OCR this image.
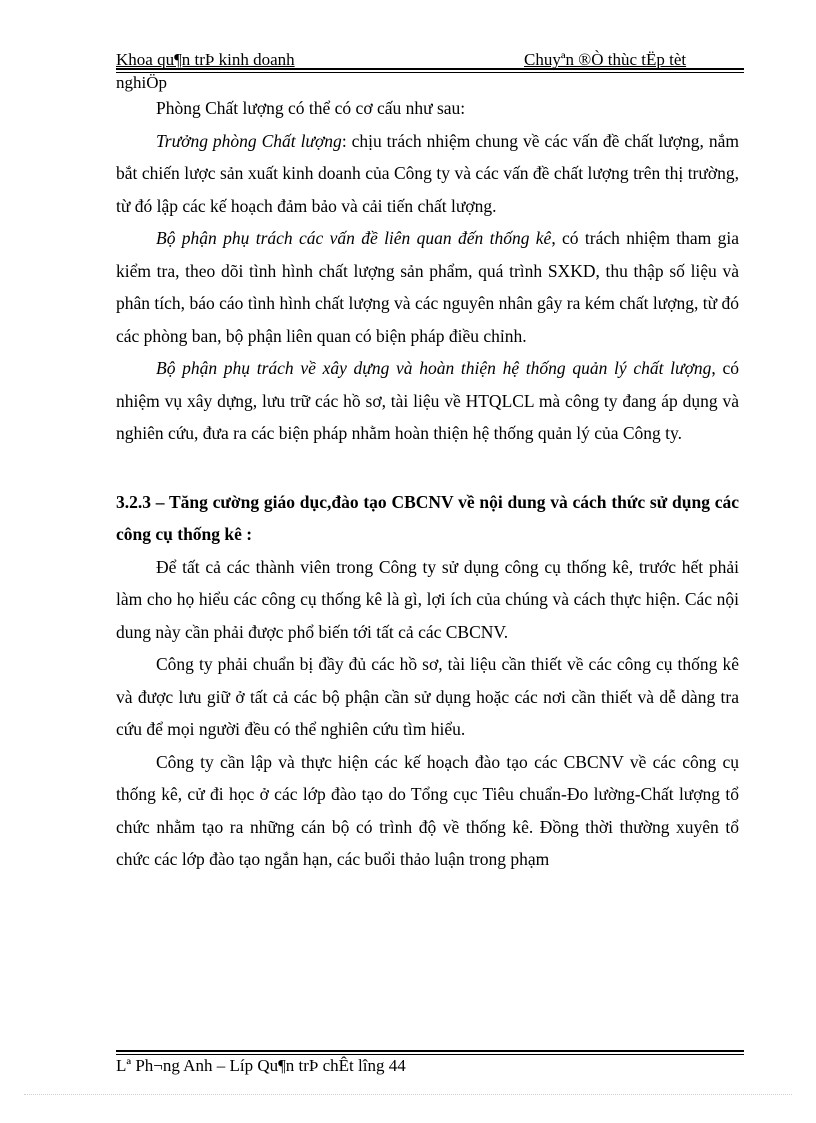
Khoa qu¶n trÞ kinh doanh	Chuyªn ®Ò thùc tËp tèt
nghiÖp

Phòng Chất lượng có thể có cơ cấu như sau:

Trưởng phòng Chất lượng: chịu trách nhiệm chung về các vấn đề chất lượng, nắm bắt chiến lược sản xuất kinh doanh của Công ty và các vấn đề chất lượng trên thị trường, từ đó lập các kế hoạch đảm bảo và cải tiến chất lượng.

Bộ phận phụ trách các vấn đề liên quan đến thống kê, có trách nhiệm tham gia kiểm tra, theo dõi tình hình chất lượng sản phẩm, quá trình SXKD, thu thập số liệu và phân tích, báo cáo tình hình chất lượng và các nguyên nhân gây ra kém chất lượng, từ đó các phòng ban, bộ phận liên quan có biện pháp điều chỉnh.

Bộ phận phụ trách về xây dựng và hoàn thiện hệ thống quản lý chất lượng, có nhiệm vụ xây dựng, lưu trữ các hồ sơ, tài liệu về HTQLCL mà công ty đang áp dụng và nghiên cứu, đưa ra các biện pháp nhằm hoàn thiện hệ thống quản lý của Công ty.

3.2.3 – Tăng cường giáo dục,đào tạo CBCNV về nội dung và cách thức sử dụng các công cụ thống kê :

Để tất cả các thành viên trong Công ty sử dụng công cụ thống kê, trước hết phải làm cho họ hiểu các công cụ thống kê là gì, lợi ích của chúng và cách thực hiện. Các nội dung này cần phải được phổ biến tới tất cả các CBCNV.

Công ty phải chuẩn bị đầy đủ các hồ sơ, tài liệu cần thiết về các công cụ thống kê và được lưu giữ ở tất cả các bộ phận cần sử dụng hoặc các nơi cần thiết và dễ dàng tra cứu để mọi người đều có thể nghiên cứu tìm hiểu.

Công ty cần lập và thực hiện các kế hoạch đào tạo các CBCNV về các công cụ thống kê, cử đi học ở các lớp đào tạo do Tổng cục Tiêu chuẩn-Đo lường-Chất lượng tổ chức nhằm tạo ra những cán bộ có trình độ về thống kê. Đồng thời thường xuyên tổ chức các lớp đào tạo ngắn hạn, các buổi thảo luận trong phạm

Lª Ph¬ng Anh – Líp Qu¶n trÞ chÊt lîng 44
